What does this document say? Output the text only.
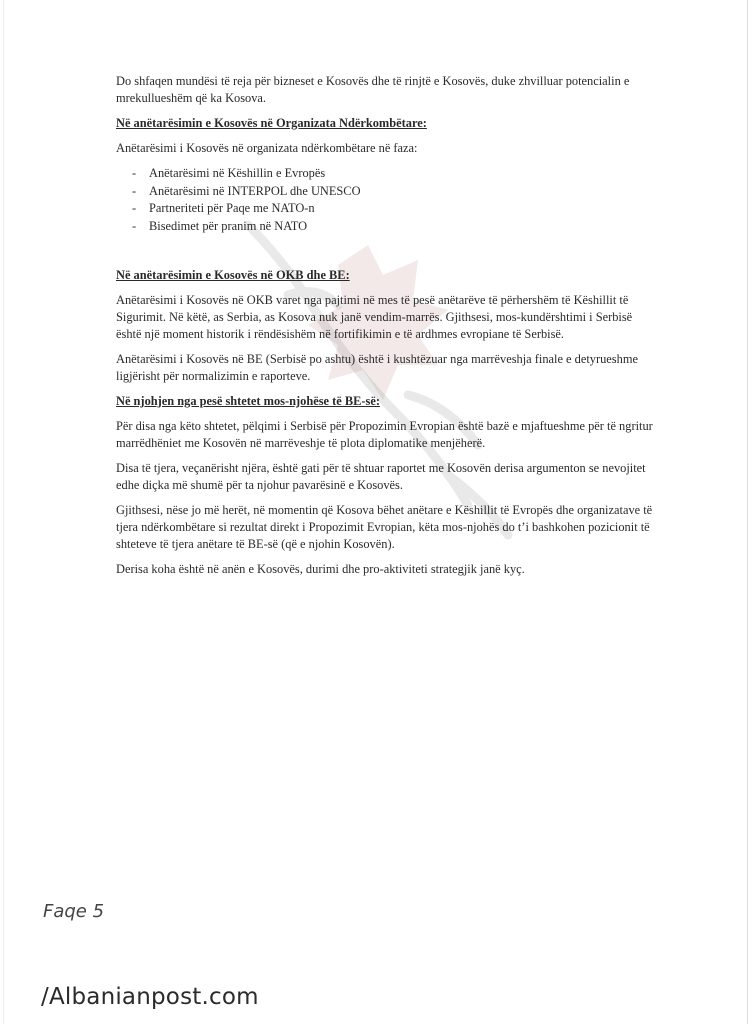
Do shfaqen mundësi të reja për bizneset e Kosovës dhe të rinjtë e Kosovës, duke zhvilluar potencialin e mrekullueshëm që ka Kosova.

Në anëtarësimin e Kosovës në Organizata Ndërkombëtare:

Anëtarësimi i Kosovës në organizata ndërkombëtare në faza:

- Anëtarësimi në Këshillin e Evropës
- Anëtarësimi në INTERPOL dhe UNESCO
- Partneriteti për Paqe me NATO-n
- Bisedimet për pranim në NATO

Në anëtarësimin e Kosovës në OKB dhe BE:

Anëtarësimi i Kosovës në OKB varet nga pajtimi në mes të pesë anëtarëve të përhershëm të Këshillit të Sigurimit. Në këtë, as Serbia, as Kosova nuk janë vendim-marrës. Gjithsesi, mos-kundërshtimi i Serbisë është një moment historik i rëndësishëm në fortifikimin e të ardhmes evropiane të Serbisë.

Anëtarësimi i Kosovës në BE (Serbisë po ashtu) është i kushtëzuar nga marrëveshja finale e detyrueshme ligjërisht për normalizimin e raporteve.

Në njohjen nga pesë shtetet mos-njohëse të BE-së:

Për disa nga këto shtetet, pëlqimi i Serbisë për Propozimin Evropian është bazë e mjaftueshme për të ngritur marrëdhëniet me Kosovën në marrëveshje të plota diplomatike menjëherë.

Disa të tjera, veçanërisht njëra, është gati për të shtuar raportet me Kosovën derisa argumenton se nevojitet edhe diçka më shumë për ta njohur pavarësinë e Kosovës.

Gjithsesi, nëse jo më herët, në momentin që Kosova bëhet anëtare e Këshillit të Evropës dhe organizatave të tjera ndërkombëtare si rezultat direkt i Propozimit Evropian, këta mos-njohës do t’i bashkohen pozicionit të shteteve të tjera anëtare të BE-së (që e njohin Kosovën).

Derisa koha është në anën e Kosovës, durimi dhe pro-aktiviteti strategjik janë kyç.

Faqe 5
/Albanianpost.com
